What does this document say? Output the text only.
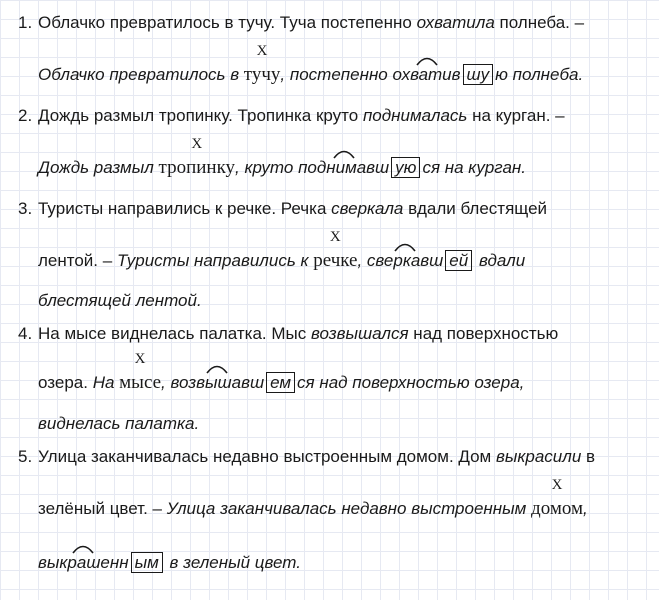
1. Облачко превратилось в тучу. Туча постепенно охватила полнеба. –
Облачко превратилось в
X
тучу, постепенно
охватив шу ю полнеба.
2. Дождь размыл тропинку. Тропинка круто поднималась на курган. –
Дождь размыл
X
тропинку, круто
поднимавш ую ся на курган.
3. Туристы направились к речке. Речка сверкала вдали блестящей
лентой. – Туристы направились к
X
речке,
сверкавш ей вдали
блестящей лентой.
4. На мысе виднелась палатка. Мыс возвышался над поверхностью
озера. На
X
мысе,
возвышавш ем ся над поверхностью озера,
виднелась палатка.
5. Улица заканчивалась недавно выстроенным домом. Дом выкрасили в
зелёный цвет. – Улица заканчивалась недавно выстроенным
X
домом,
выкрашенн ым в зеленый цвет.
